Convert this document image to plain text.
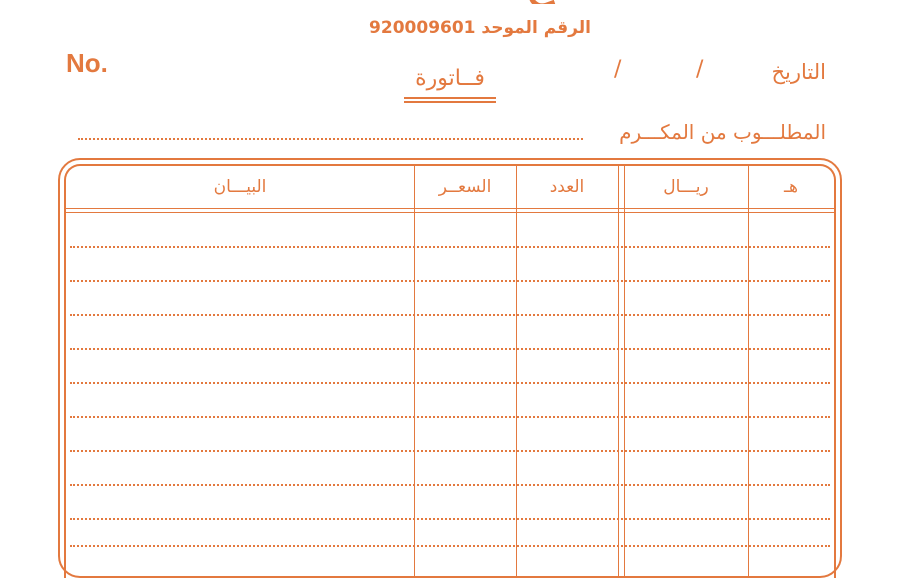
الرقم الموحد 920009601
No.	التاريخ
/
/
فــاتورة
المطلـــوب من المكـــرم
البيـــان	السعــر	العدد	ريـــال	هـ
